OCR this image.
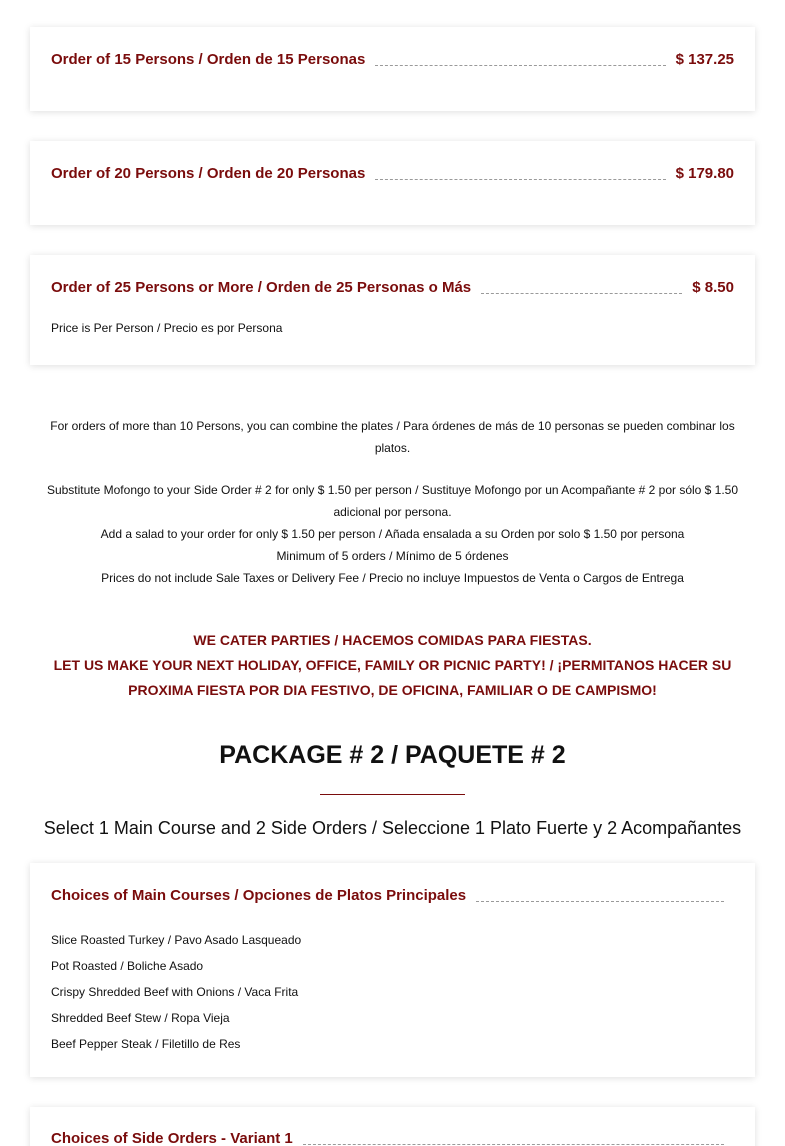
Order of 15 Persons / Orden de 15 Personas	$ 137.25
Order of 20 Persons / Orden de 20 Personas	$ 179.80
Order of 25 Persons or More / Orden de 25 Personas o Más	$ 8.50
Price is Per Person / Precio es por Persona
For orders of more than 10 Persons, you can combine the plates / Para órdenes de más de 10 personas se pueden combinar los platos.
Substitute Mofongo to your Side Order # 2 for only $ 1.50 per person / Sustituye Mofongo por un Acompañante # 2 por sólo $ 1.50 adicional por persona.
Add a salad to your order for only $ 1.50 per person / Añada ensalada a su Orden por solo $ 1.50 por persona
Minimum of 5 orders / Mínimo de 5 órdenes
Prices do not include Sale Taxes or Delivery Fee / Precio no incluye Impuestos de Venta o Cargos de Entrega
WE CATER PARTIES / HACEMOS COMIDAS PARA FIESTAS.
LET US MAKE YOUR NEXT HOLIDAY, OFFICE, FAMILY OR PICNIC PARTY! / ¡PERMITANOS HACER SU PROXIMA FIESTA POR DIA FESTIVO, DE OFICINA, FAMILIAR O DE CAMPISMO!
PACKAGE # 2 / PAQUETE # 2
Select 1 Main Course and 2 Side Orders / Seleccione 1 Plato Fuerte y 2 Acompañantes
Choices of Main Courses / Opciones de Platos Principales
Slice Roasted Turkey / Pavo Asado Lasqueado
Pot Roasted / Boliche Asado
Crispy Shredded Beef with Onions / Vaca Frita
Shredded Beef Stew / Ropa Vieja
Beef Pepper Steak / Filetillo de Res
Choices of Side Orders - Variant 1
